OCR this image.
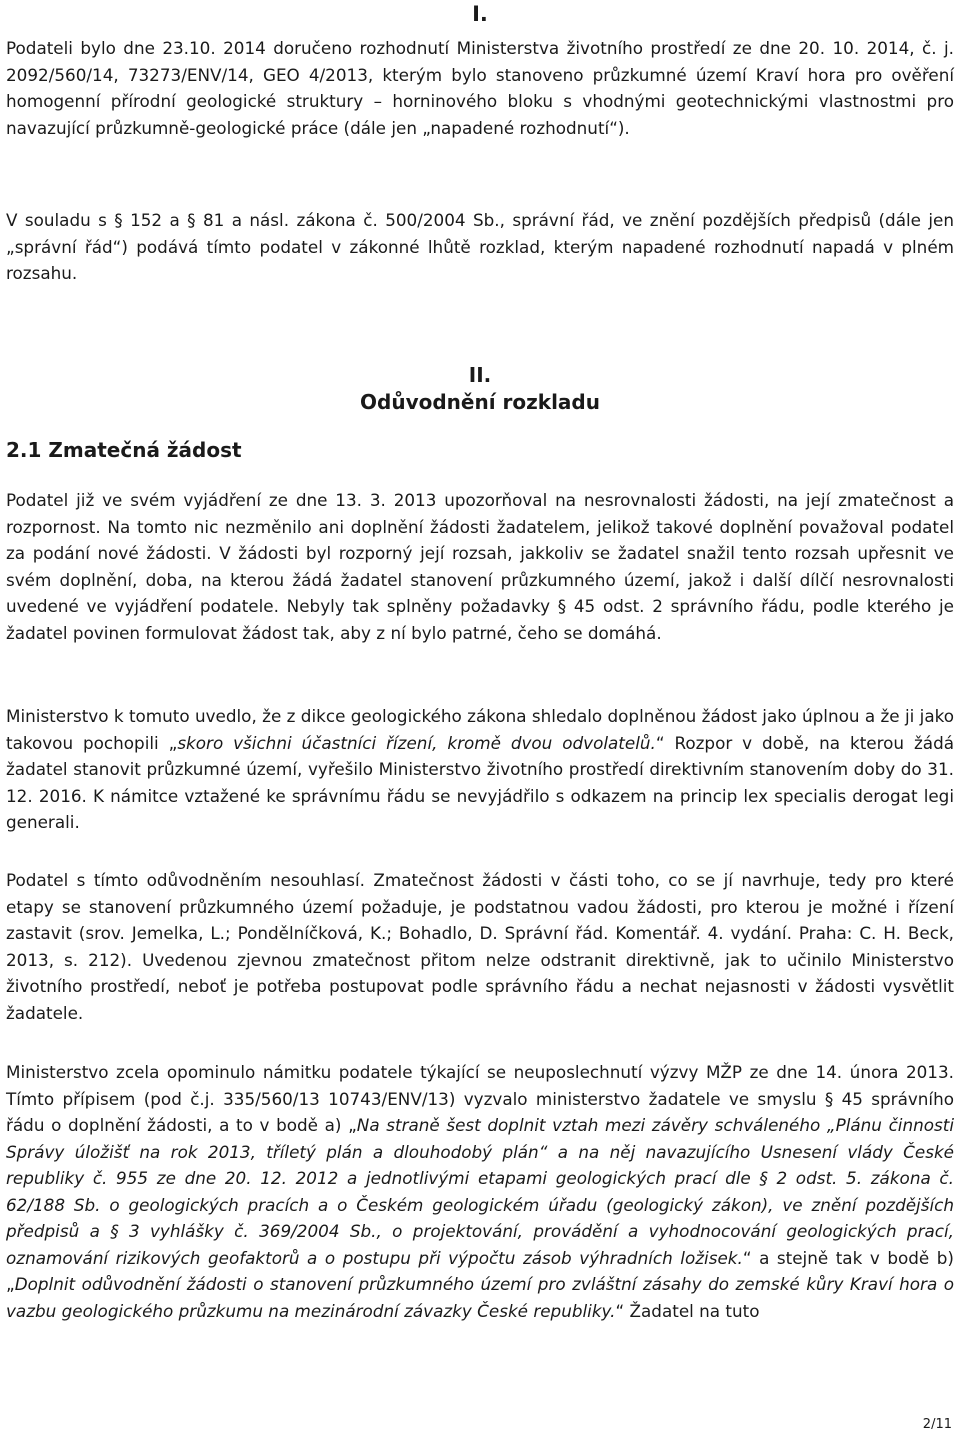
I.

Podateli bylo dne 23.10. 2014 doručeno rozhodnutí Ministerstva životního prostředí ze dne 20. 10. 2014, č. j. 2092/560/14, 73273/ENV/14, GEO 4/2013, kterým bylo stanoveno průzkumné území Kraví hora pro ověření homogenní přírodní geologické struktury – horninového bloku s vhodnými geotechnickými vlastnostmi pro navazující průzkumně-geologické práce (dále jen „napadené rozhodnutí“).

V souladu s § 152 a § 81 a násl. zákona č. 500/2004 Sb., správní řád, ve znění pozdějších předpisů (dále jen „správní řád“) podává tímto podatel v zákonné lhůtě rozklad, kterým napadené rozhodnutí napadá v plném rozsahu.

II.
Odůvodnění rozkladu
2.1 Zmatečná žádost

Podatel již ve svém vyjádření ze dne 13. 3. 2013 upozorňoval na nesrovnalosti žádosti, na její zmatečnost a rozpornost. Na tomto nic nezměnilo ani doplnění žádosti žadatelem, jelikož takové doplnění považoval podatel za podání nové žádosti. V žádosti byl rozporný její rozsah, jakkoliv se žadatel snažil tento rozsah upřesnit ve svém doplnění, doba, na kterou žádá žadatel stanovení průzkumného území, jakož i další dílčí nesrovnalosti uvedené ve vyjádření podatele. Nebyly tak splněny požadavky § 45 odst. 2 správního řádu, podle kterého je žadatel povinen formulovat žádost tak, aby z ní bylo patrné, čeho se domáhá.

Ministerstvo k tomuto uvedlo, že z dikce geologického zákona shledalo doplněnou žádost jako úplnou a že ji jako takovou pochopili „skoro všichni účastníci řízení, kromě dvou odvolatelů.“ Rozpor v době, na kterou žádá žadatel stanovit průzkumné území, vyřešilo Ministerstvo životního prostředí direktivním stanovením doby do 31. 12. 2016. K námitce vztažené ke správnímu řádu se nevyjádřilo s odkazem na princip lex specialis derogat legi generali.

Podatel s tímto odůvodněním nesouhlasí. Zmatečnost žádosti v části toho, co se jí navrhuje, tedy pro které etapy se stanovení průzkumného území požaduje, je podstatnou vadou žádosti, pro kterou je možné i řízení zastavit (srov. Jemelka, L.; Pondělníčková, K.; Bohadlo, D. Správní řád. Komentář. 4. vydání. Praha: C. H. Beck, 2013, s. 212). Uvedenou zjevnou zmatečnost přitom nelze odstranit direktivně, jak to učinilo Ministerstvo životního prostředí, neboť je potřeba postupovat podle správního řádu a nechat nejasnosti v žádosti vysvětlit žadatele.

Ministerstvo zcela opominulo námitku podatele týkající se neuposlechnutí výzvy MŽP ze dne 14. února 2013. Tímto přípisem (pod č.j. 335/560/13 10743/ENV/13) vyzvalo ministerstvo žadatele ve smyslu § 45 správního řádu o doplnění žádosti, a to v bodě a) „Na straně šest doplnit vztah mezi závěry schváleného „Plánu činnosti Správy úložišť na rok 2013, tříletý plán a dlouhodobý plán“ a na něj navazujícího Usnesení vlády České republiky č. 955 ze dne 20. 12. 2012 a jednotlivými etapami geologických prací dle § 2 odst. 5. zákona č. 62/188 Sb. o geologických pracích a o Českém geologickém úřadu (geologický zákon), ve znění pozdějších předpisů a § 3 vyhlášky č. 369/2004 Sb., o projektování, provádění a vyhodnocování geologických prací, oznamování rizikových geofaktorů a o postupu při výpočtu zásob výhradních ložisek.“ a stejně tak v bodě b) „Doplnit odůvodnění žádosti o stanovení průzkumného území pro zvláštní zásahy do zemské kůry Kraví hora o vazbu geologického průzkumu na mezinárodní závazky České republiky.“ Žadatel na tuto

2/11
